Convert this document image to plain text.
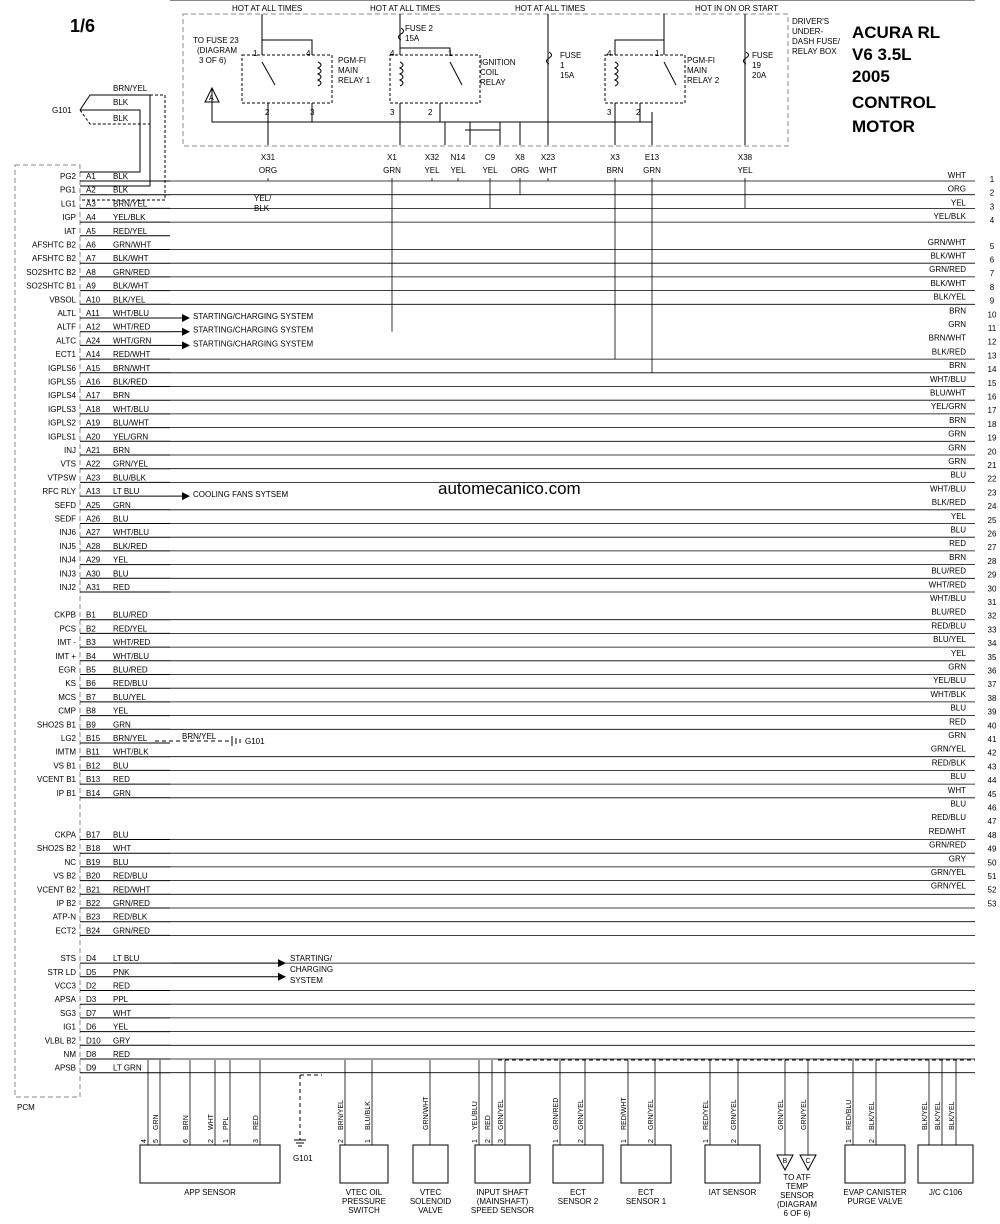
1/6	ACURA RL
V6 3.5L
2005
CONTROL
MOTOR
automecanico.com
HOT AT ALL TIMES	HOT AT ALL TIMES	HOT AT ALL TIMES	HOT IN ON OR START
DRIVER'S
UNDER-
DASH FUSE/
RELAY BOX
TO FUSE 23
(DIAGRAM
3 OF 6)	PGM-FI
MAIN
RELAY 1
IGNITION
COIL
RELAY
PGM-FI
MAIN
RELAY 2
FUSE 2
15A
FUSE
1
15A
FUSE
19
20A
A
1	4
2	3
4	1
3	2
4	1
3	2
PCM
G101
BRN/YEL
BLK
BLK
X31
ORG
X1
GRN
X32
YEL
N14
YEL
C9
YEL
X8
ORG
X23
WHT
X3
BRN
E13
GRN
X38
YEL
YEL/
BLK
PG2 A1 BLK
PG1 A2 BLK
LG1 A3 BRN/YEL
IGP A4 YEL/BLK
IAT A5 RED/YEL
AFSHTC B2 A6 GRN/WHT
AFSHTC B2 A7 BLK/WHT
SO2SHTC B2 A8 GRN/RED
SO2SHTC B1 A9 BLK/WHT
VBSOL A10 BLK/YEL
ALTL A11 WHT/BLU
ALTF A12 WHT/RED
ALTC A24 WHT/GRN
ECT1 A14 RED/WHT
IGPLS6 A15 BRN/WHT
IGPLS5 A16 BLK/RED
IGPLS4 A17 BRN
IGPLS3 A18 WHT/BLU
IGPLS2 A19 BLU/WHT
IGPLS1 A20 YEL/GRN
INJ A21 BRN
VTS A22 GRN/YEL
VTPSW A23 BLU/BLK
RFC RLY A13 LT BLU
SEFD A25 GRN
SEDF A26 BLU
INJ6 A27 WHT/BLU
INJ5 A28 BLK/RED
INJ4 A29 YEL
INJ3 A30 BLU
INJ2 A31 RED
CKPB B1 BLU/RED
PCS B2 RED/YEL
IMT - B3 WHT/RED
IMT + B4 WHT/BLU
EGR B5 BLU/RED
KS B6 RED/BLU
MCS B7 BLU/YEL
CMP B8 YEL
SHO2S B1 B9 GRN
LG2 B15 BRN/YEL
IMTM B11 WHT/BLK
VS B1 B12 BLU
VCENT B1 B13 RED
IP B1 B14 GRN
CKPA B17 BLU
SHO2S B2 B18 WHT
NC B19 BLU
VS B2 B20 RED/BLU
VCENT B2 B21 RED/WHT
IP B2 B22 GRN/RED
ATP-N B23 RED/BLK
ECT2 B24 GRN/RED
STS D4 LT BLU
STR LD D5 PNK
VCC3 D2 RED
APSA D3 PPL
SG3 D7 WHT
IG1 D6 YEL
VLBL B2 D10 GRY
NM D8 RED
APSB D9 LT GRN
STARTING/CHARGING SYSTEM
STARTING/CHARGING SYSTEM
STARTING/CHARGING SYSTEM
COOLING FANS SYTSEM
STARTING/
CHARGING
SYSTEM
1
WHT
2
ORG
3
YEL
4
YEL/BLK
5
GRN/WHT
6
BLK/WHT
7
GRN/RED
8
BLK/WHT
9
BLK/YEL
10
BRN
11
GRN
12
BRN/WHT
13
BLK/RED
14
BRN
15
WHT/BLU
16
BLU/WHT
17
YEL/GRN
18
BRN
19
GRN
20
GRN
21
GRN
22
BLU
23
WHT/BLU
24
BLK/RED
25
YEL
26
BLU
27
RED
28
BRN
29
BLU/RED
30
WHT/RED
31
WHT/BLU
32
BLU/RED
33
RED/BLU
34
BLU/YEL
35
YEL
36
GRN
37
YEL/BLU
38
WHT/BLK
39
BLU
40
RED
41
GRN
42
GRN/YEL
43
RED/BLK
44
BLU
45
WHT
46
BLU
47
RED/BLU
48
RED/WHT
49
GRN/RED
50
GRY
51
GRN/YEL
52
GRN/YEL
53
4
GRN
5
BRN
6
WHT
2
PPL
1
RED
3
APP SENSOR
BRN/YEL
2
BLU/BLK
1
VTEC OIL
PRESSURE
SWITCH
GRN/WHT
VTEC
SOLENOID
VALVE
YEL/BLU
1
RED
2
GRN/YEL
3
INPUT SHAFT
(MAINSHAFT)
SPEED SENSOR
GRN/RED
1
GRN/YEL
2
ECT
SENSOR 2
RED/WHT
1
GRN/YEL
2
ECT
SENSOR 1
RED/YEL
1
GRN/YEL
2
IAT SENSOR
B	C
GRN/YEL GRN/YEL
TO ATF
TEMP
SENSOR
(DIAGRAM
6 OF 6)
RED/BLU
1
BLK/YEL
2
EVAP CANISTER
PURGE VALVE
BLK/YEL BLK/YEL BLK/YEL
J/C C106
BRN/YEL
G101
G101
